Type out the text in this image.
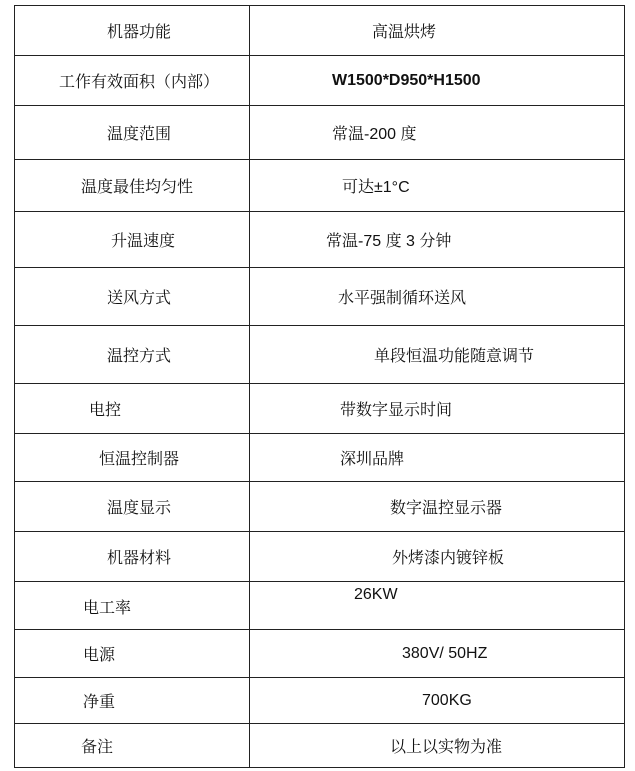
机器功能	高温烘烤

工作有效面积（内部）	W1500*D950*H1500

温度范围	常温-200 度

温度最佳均匀性	可达±1°C

升温速度	常温-75 度 3 分钟

送风方式	水平强制循环送风

温控方式	单段恒温功能随意调节

电控	带数字显示时间

恒温控制器	深圳品牌

温度显示	数字温控显示器

机器材料	外烤漆内镀锌板

电工率	26KW

电源	380V/ 50HZ

净重	700KG

备注	以上以实物为准
